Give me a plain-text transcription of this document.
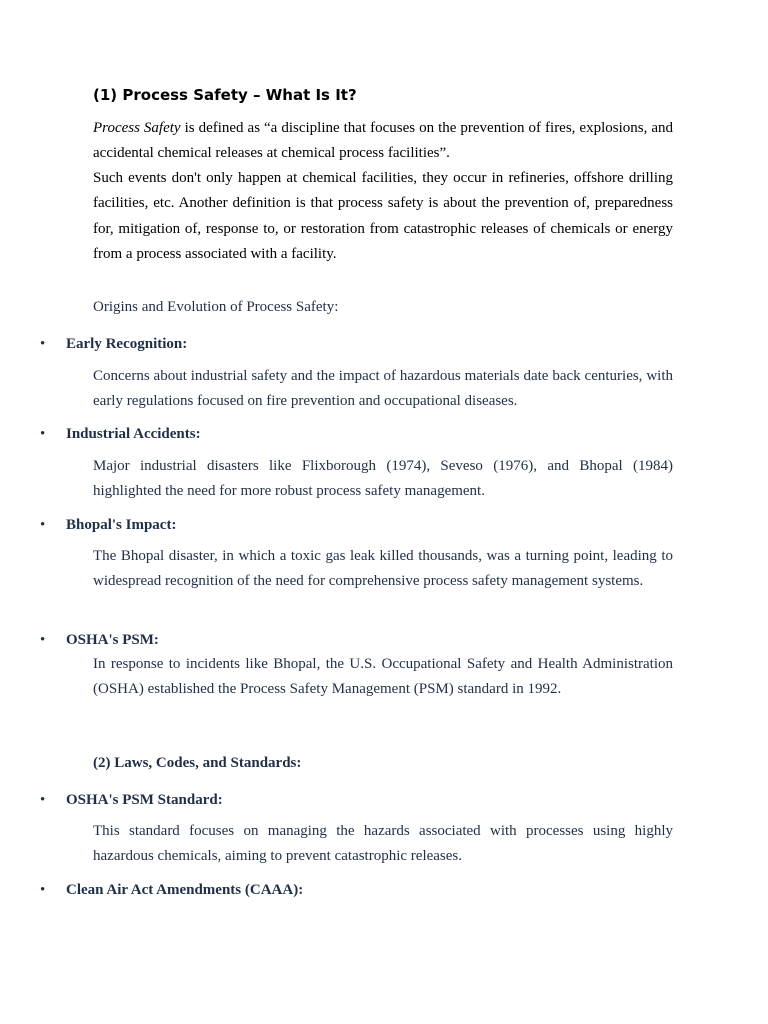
(1) Process Safety – What Is It?

Process Safety is defined as “a discipline that focuses on the prevention of fires, explosions, and accidental chemical releases at chemical process facilities”.

Such events don't only happen at chemical facilities, they occur in refineries, offshore drilling facilities, etc. Another definition is that process safety is about the prevention of, preparedness for, mitigation of, response to, or restoration from catastrophic releases of chemicals or energy from a process associated with a facility.

Origins and Evolution of Process Safety:

• Early Recognition:

Concerns about industrial safety and the impact of hazardous materials date back centuries, with early regulations focused on fire prevention and occupational diseases.

• Industrial Accidents:

Major industrial disasters like Flixborough (1974), Seveso (1976), and Bhopal (1984) highlighted the need for more robust process safety management.

• Bhopal's Impact:

The Bhopal disaster, in which a toxic gas leak killed thousands, was a turning point, leading to widespread recognition of the need for comprehensive process safety management systems.

• OSHA's PSM:

In response to incidents like Bhopal, the U.S. Occupational Safety and Health Administration (OSHA) established the Process Safety Management (PSM) standard in 1992.

(2) Laws, Codes, and Standards:

• OSHA's PSM Standard:

This standard focuses on managing the hazards associated with processes using highly hazardous chemicals, aiming to prevent catastrophic releases.

• Clean Air Act Amendments (CAAA):
